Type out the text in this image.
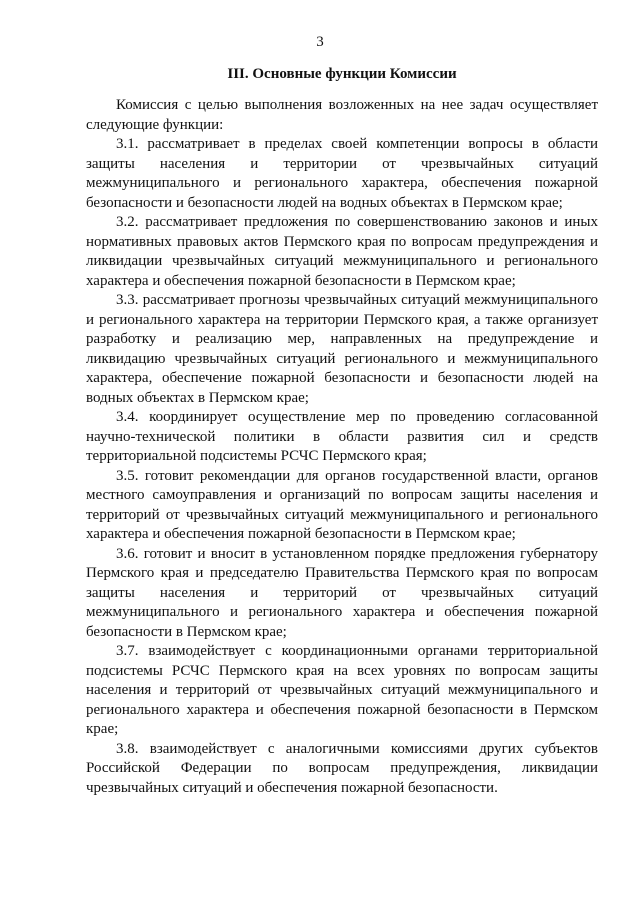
3
III. Основные функции Комиссии

Комиссия с целью выполнения возложенных на нее задач осуществляет следующие функции:

3.1. рассматривает в пределах своей компетенции вопросы в области защиты населения и территории от чрезвычайных ситуаций межмуниципального и регионального характера, обеспечения пожарной безопасности и безопасности людей на водных объектах в Пермском крае;

3.2. рассматривает предложения по совершенствованию законов и иных нормативных правовых актов Пермского края по вопросам предупреждения и ликвидации чрезвычайных ситуаций межмуниципального и регионального характера и обеспечения пожарной безопасности в Пермском крае;

3.3. рассматривает прогнозы чрезвычайных ситуаций межмуниципального и регионального характера на территории Пермского края, а также организует разработку и реализацию мер, направленных на предупреждение и ликвидацию чрезвычайных ситуаций регионального и межмуниципального характера, обеспечение пожарной безопасности и безопасности людей на водных объектах в Пермском крае;

3.4. координирует осуществление мер по проведению согласованной научно-технической политики в области развития сил и средств территориальной подсистемы РСЧС Пермского края;

3.5. готовит рекомендации для органов государственной власти, органов местного самоуправления и организаций по вопросам защиты населения и территорий от чрезвычайных ситуаций межмуниципального и регионального характера и обеспечения пожарной безопасности в Пермском крае;

3.6. готовит и вносит в установленном порядке предложения губернатору Пермского края и председателю Правительства Пермского края по вопросам защиты населения и территорий от чрезвычайных ситуаций межмуниципального и регионального характера и обеспечения пожарной безопасности в Пермском крае;

3.7. взаимодействует с координационными органами территориальной подсистемы РСЧС Пермского края на всех уровнях по вопросам защиты населения и территорий от чрезвычайных ситуаций межмуниципального и регионального характера и обеспечения пожарной безопасности в Пермском крае;

3.8. взаимодействует с аналогичными комиссиями других субъектов Российской Федерации по вопросам предупреждения, ликвидации чрезвычайных ситуаций и обеспечения пожарной безопасности.
